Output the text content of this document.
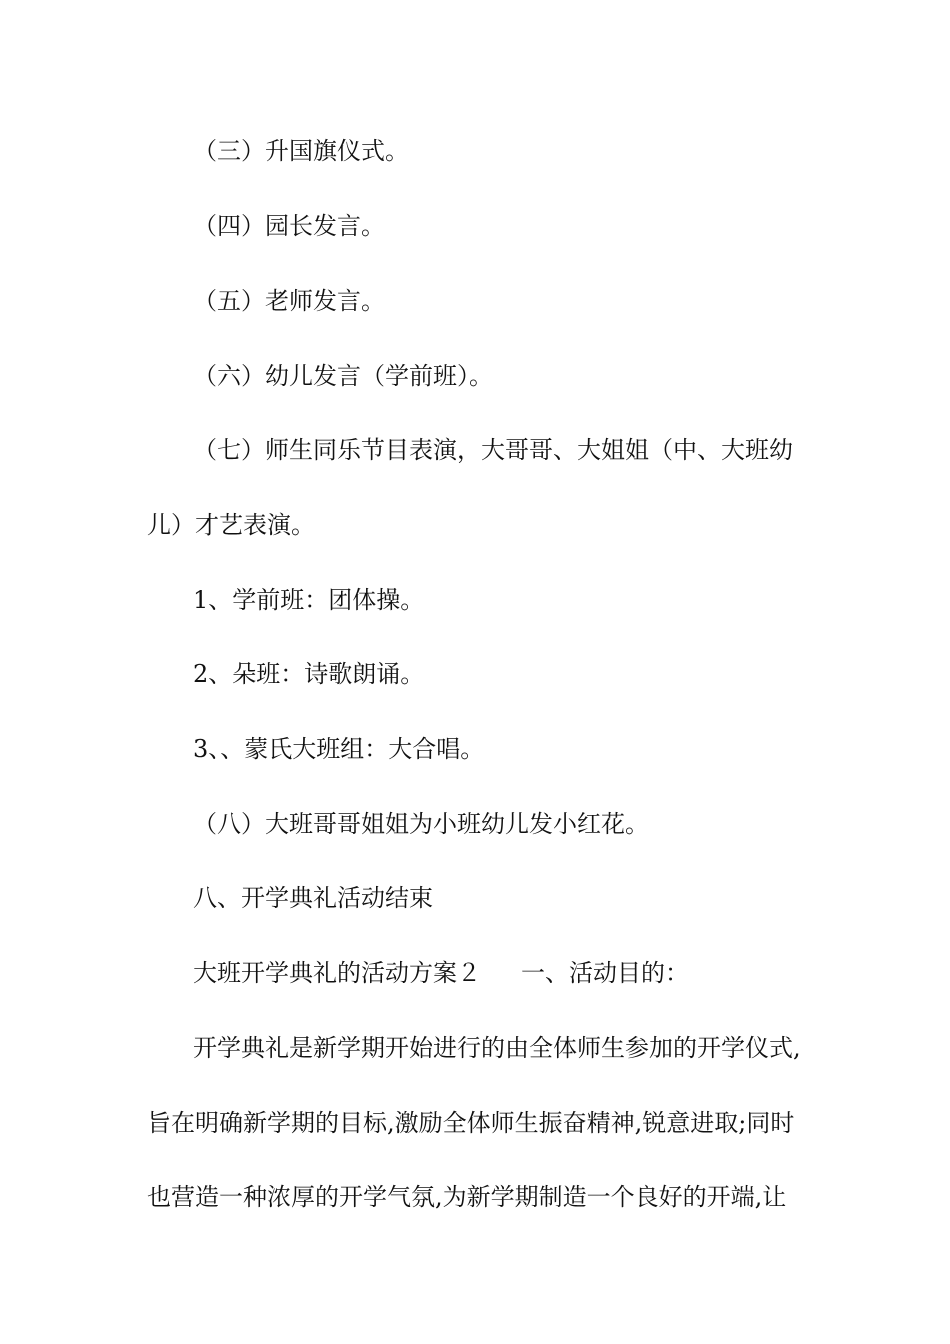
（三）升国旗仪式。
（四）园长发言。
（五）老师发言。
（六）幼儿发言（学前班）。
（七）师生同乐节目表演，大哥哥、大姐姐（中、大班幼
儿）才艺表演。
1、学前班：团体操。
2、朵班：诗歌朗诵。
3、、蒙氏大班组：大合唱。
（八）大班哥哥姐姐为小班幼儿发小红花。
八、开学典礼活动结束
大班开学典礼的活动方案２ 一、活动目的：
开学典礼是新学期开始进行的由全体师生参加的开学仪式,
旨在明确新学期的目标,激励全体师生振奋精神,锐意进取;同时
也营造一种浓厚的开学气氛,为新学期制造一个良好的开端,让
